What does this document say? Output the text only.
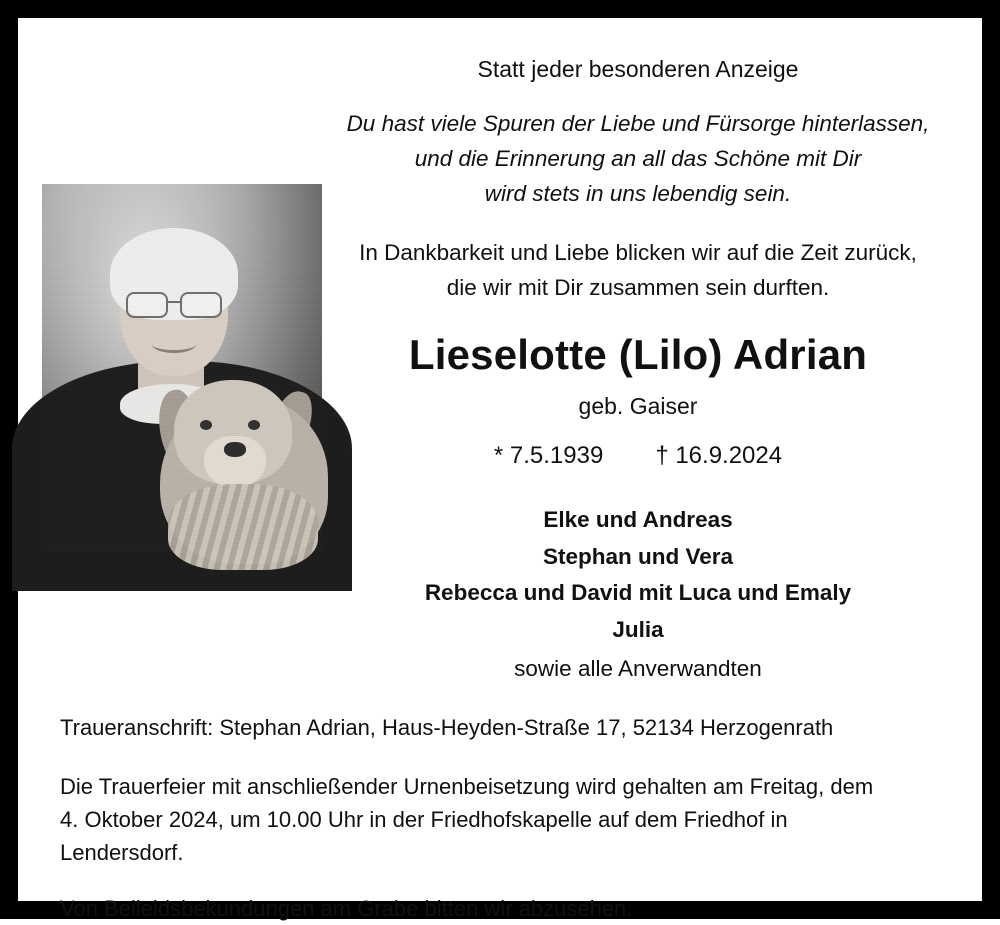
Statt jeder besonderen Anzeige
Du hast viele Spuren der Liebe und Fürsorge hinterlassen,
und die Erinnerung an all das Schöne mit Dir
wird stets in uns lebendig sein.
In Dankbarkeit und Liebe blicken wir auf die Zeit zurück,
die wir mit Dir zusammen sein durften.
Lieselotte (Lilo) Adrian
geb. Gaiser
* 7.5.1939 † 16.9.2024
Elke und Andreas
Stephan und Vera
Rebecca und David mit Luca und Emaly
Julia
sowie alle Anverwandten
Traueranschrift: Stephan Adrian, Haus-Heyden-Straße 17, 52134 Herzogenrath
Die Trauerfeier mit anschließender Urnenbeisetzung wird gehalten am Freitag, dem
4. Oktober 2024, um 10.00 Uhr in der Friedhofskapelle auf dem Friedhof in
Lendersdorf.
Von Beileidsbekundungen am Grabe bitten wir abzusehen.
